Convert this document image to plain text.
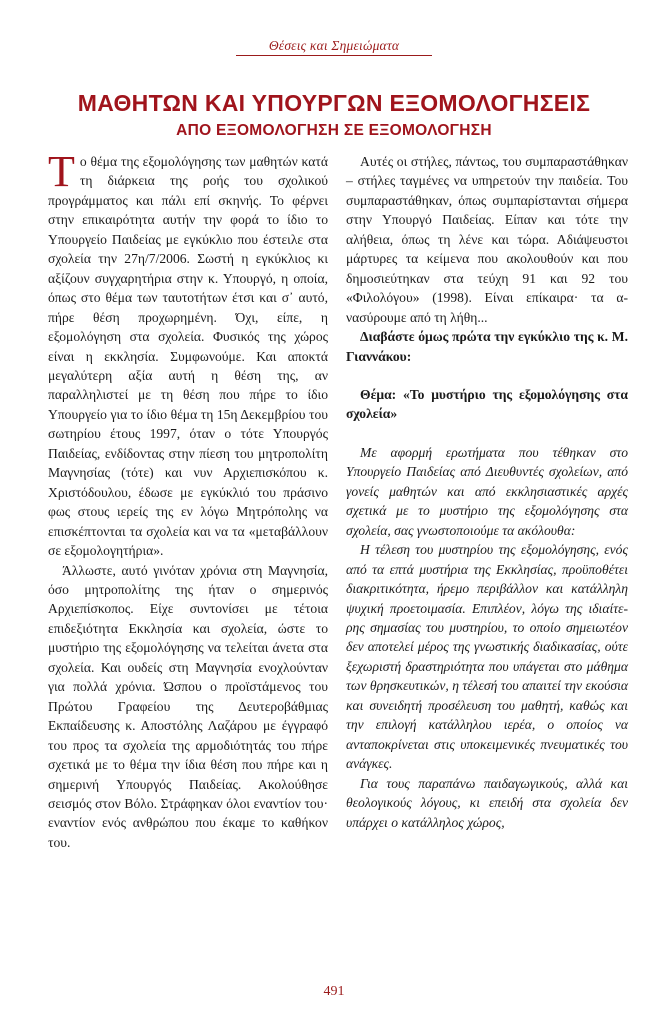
Θέσεις και Σημειώματα
ΜΑΘΗΤΩΝ ΚΑΙ ΥΠΟΥΡΓΩΝ ΕΞΟΜΟΛΟΓΗΣΕΙΣ
ΑΠΟ ΕΞΟΜΟΛΟΓΗΣΗ ΣΕ ΕΞΟΜΟΛΟΓΗΣΗ

Το θέμα της εξομολόγησης των μαθητών κατά τη διάρκεια της ροής του σχολικού προγράμματος και πάλι επί σκηνής. Το φέρνει στην επικαιρότητα αυτήν την φορά το ίδιο το Υπουργείο Παιδείας με εγκύκλιο που έστειλε στα σχολεία την 27η/7/2006. Σωστή η εγκύκλιος κι αξίζουν συγχαρητήρια στην κ. Υπουργό, η οποία, όπως στο θέμα των ταυτοτήτων έτσι και σ᾽ αυτό, πήρε θέση προχωρημένη. Όχι, είπε, η εξομολόγηση στα σχολεία. Φυσικός της χώρος είναι η εκκλησία. Συμφωνούμε. Και αποκτά μεγαλύτερη αξία αυτή η θέση της, αν παραλληλιστεί με τη θέση που πήρε το ίδιο Υπουργείο για το ίδιο θέμα τη 15η Δεκεμβρίου του σωτηρίου έτους 1997, όταν ο τότε Υπουργός Παιδείας, ενδίδοντας στην πίεση του μητροπολίτη Μαγνησίας (τότε) και νυν Αρχιεπισκόπου κ. Χριστόδουλου, έδωσε με εγκύκλιό του πράσινο φως στους ιερείς της εν λόγω Μητρόπολης να επισκέπτονται τα σχολεία και να τα «μεταβάλλουν σε εξομολογητήρια».

Άλλωστε, αυτό γινόταν χρόνια στη Μαγνησία, όσο μητροπολίτης της ήταν ο σημερινός Αρχιεπίσκοπος. Είχε συντονίσει με τέτοια επιδεξιότητα Εκκλησία και σχολεία, ώστε το μυστήριο της εξομολόγησης να τελείται άνετα στα σχολεία. Και ουδείς στη Μαγνησία ενοχλούνταν για πολλά χρόνια. Ώσπου ο προϊστάμενος του Πρώτου Γραφείου της Δευτεροβάθμιας Εκπαίδευσης κ. Αποστόλης Λαζάρου με έγγραφό του προς τα σχολεία της αρμοδιότητάς του πήρε σχετικά με το θέμα την ίδια θέση που πήρε και η σημερινή Υπουργός Παιδείας. Ακολούθησε σεισμός στον Βόλο. Στράφηκαν όλοι εναντίον του· εναντίον ενός ανθρώπου που έκαμε το καθήκον του.

Αυτές οι στήλες, πάντως, του συμπαραστάθηκαν – στήλες ταγμένες να υπηρετούν την παιδεία. Του συμπαραστάθηκαν, όπως συμπαρίστανται σήμερα στην Υπουργό Παιδείας. Είπαν και τότε την αλήθεια, όπως τη λένε και τώρα. Αδιάψευστοι μάρτυρες τα κείμενα που ακολουθούν και που δημοσιεύτηκαν στα τεύχη 91 και 92 του «Φιλολόγου» (1998). Είναι επίκαιρα· τα ανασύρουμε από τη λήθη...

Διαβάστε όμως πρώτα την εγκύκλιο της κ. Μ. Γιαννάκου:

Θέμα: «Το μυστήριο της εξομολόγησης στα σχολεία»

Με αφορμή ερωτήματα που τέθηκαν στο Υπουργείο Παιδείας από Διευθυντές σχολείων, από γονείς μαθητών και από εκκλησιαστικές αρχές σχετικά με το μυστήριο της εξομολόγησης στα σχολεία, σας γνωστοποιούμε τα ακόλουθα:

Η τέλεση του μυστηρίου της εξομολόγησης, ενός από τα επτά μυστήρια της Εκκλησίας, προϋποθέτει διακριτικότητα, ήρεμο περιβάλλον και κατάλληλη ψυχική προετοιμασία. Επιπλέον, λόγω της ιδιαίτερης σημασίας του μυστηρίου, το οποίο σημειωτέον δεν αποτελεί μέρος της γνωστικής διαδικασίας, ούτε ξεχωριστή δραστηριότητα που υπάγεται στο μάθημα των θρησκευτικών, η τέλεσή του απαιτεί την εκούσια και συνειδητή προσέλευση του μαθητή, καθώς και την επιλογή κατάλληλου ιερέα, ο οποίος να ανταποκρίνεται στις υποκειμενικές πνευματικές του ανάγκες.

Για τους παραπάνω παιδαγωγικούς, αλλά και θεολογικούς λόγους, κι επειδή στα σχολεία δεν υπάρχει ο κατάλληλος χώρος,

491
